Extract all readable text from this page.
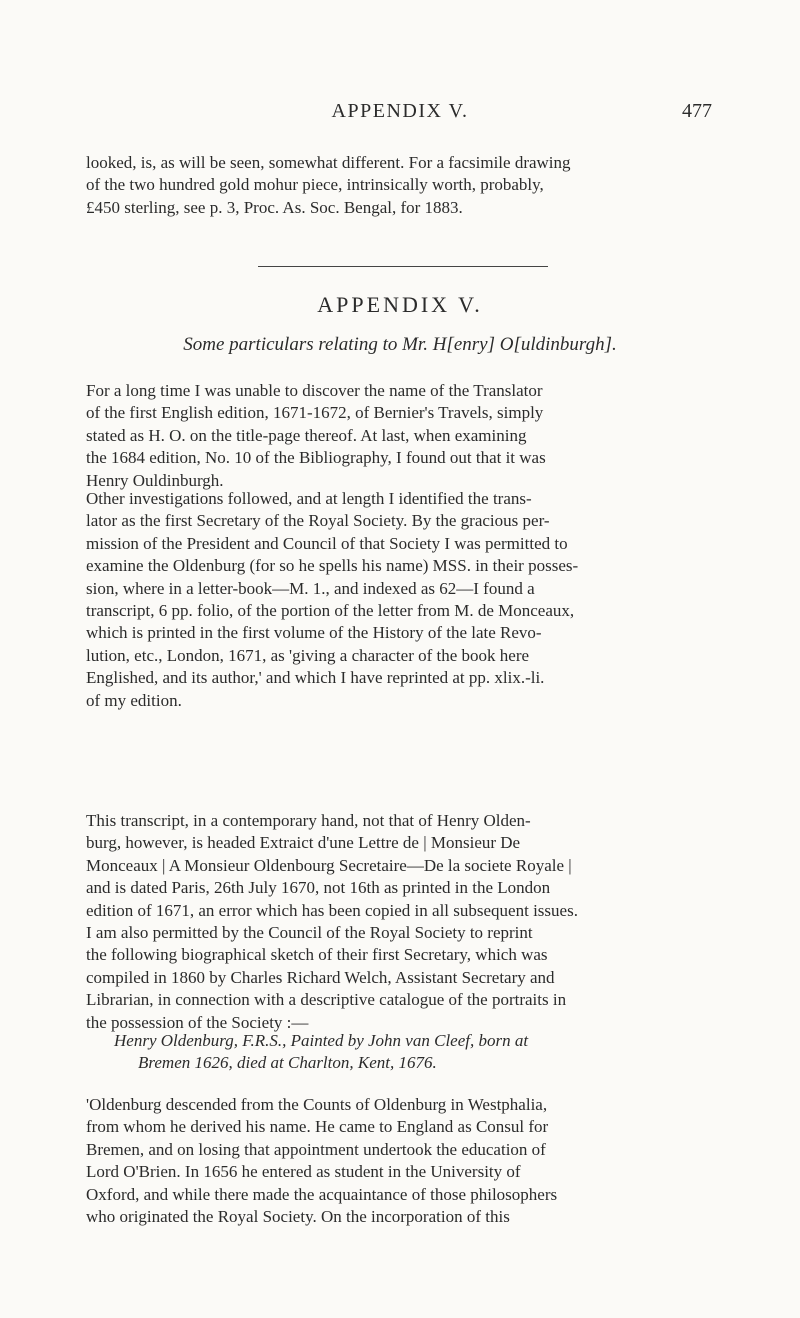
APPENDIX V.	477

looked, is, as will be seen, somewhat different. For a facsimile drawing
of the two hundred gold mohur piece, intrinsically worth, probably,
£450 sterling, see p. 3, Proc. As. Soc. Bengal, for 1883.

APPENDIX V.
Some particulars relating to Mr. H[enry] O[uldinburgh].

For a long time I was unable to discover the name of the Translator
of the first English edition, 1671-1672, of Bernier's Travels, simply
stated as H. O. on the title-page thereof. At last, when examining
the 1684 edition, No. 10 of the Bibliography, I found out that it was
Henry Ouldinburgh.

Other investigations followed, and at length I identified the trans-
lator as the first Secretary of the Royal Society. By the gracious per-
mission of the President and Council of that Society I was permitted to
examine the Oldenburg (for so he spells his name) MSS. in their posses-
sion, where in a letter-book—M. 1., and indexed as 62—I found a
transcript, 6 pp. folio, of the portion of the letter from M. de Monceaux,
which is printed in the first volume of the History of the late Revo-
lution, etc., London, 1671, as 'giving a character of the book here
Englished, and its author,' and which I have reprinted at pp. xlix.-li.
of my edition.

This transcript, in a contemporary hand, not that of Henry Olden-
burg, however, is headed Extraict d'une Lettre de | Monsieur De
Monceaux | A Monsieur Oldenbourg Secretaire—De la societe Royale |
and is dated Paris, 26th July 1670, not 16th as printed in the London
edition of 1671, an error which has been copied in all subsequent issues.
I am also permitted by the Council of the Royal Society to reprint
the following biographical sketch of their first Secretary, which was
compiled in 1860 by Charles Richard Welch, Assistant Secretary and
Librarian, in connection with a descriptive catalogue of the portraits in
the possession of the Society :—

Henry Oldenburg, F.R.S., Painted by John van Cleef, born at
Bremen 1626, died at Charlton, Kent, 1676.

'Oldenburg descended from the Counts of Oldenburg in Westphalia,
from whom he derived his name. He came to England as Consul for
Bremen, and on losing that appointment undertook the education of
Lord O'Brien. In 1656 he entered as student in the University of
Oxford, and while there made the acquaintance of those philosophers
who originated the Royal Society. On the incorporation of this
